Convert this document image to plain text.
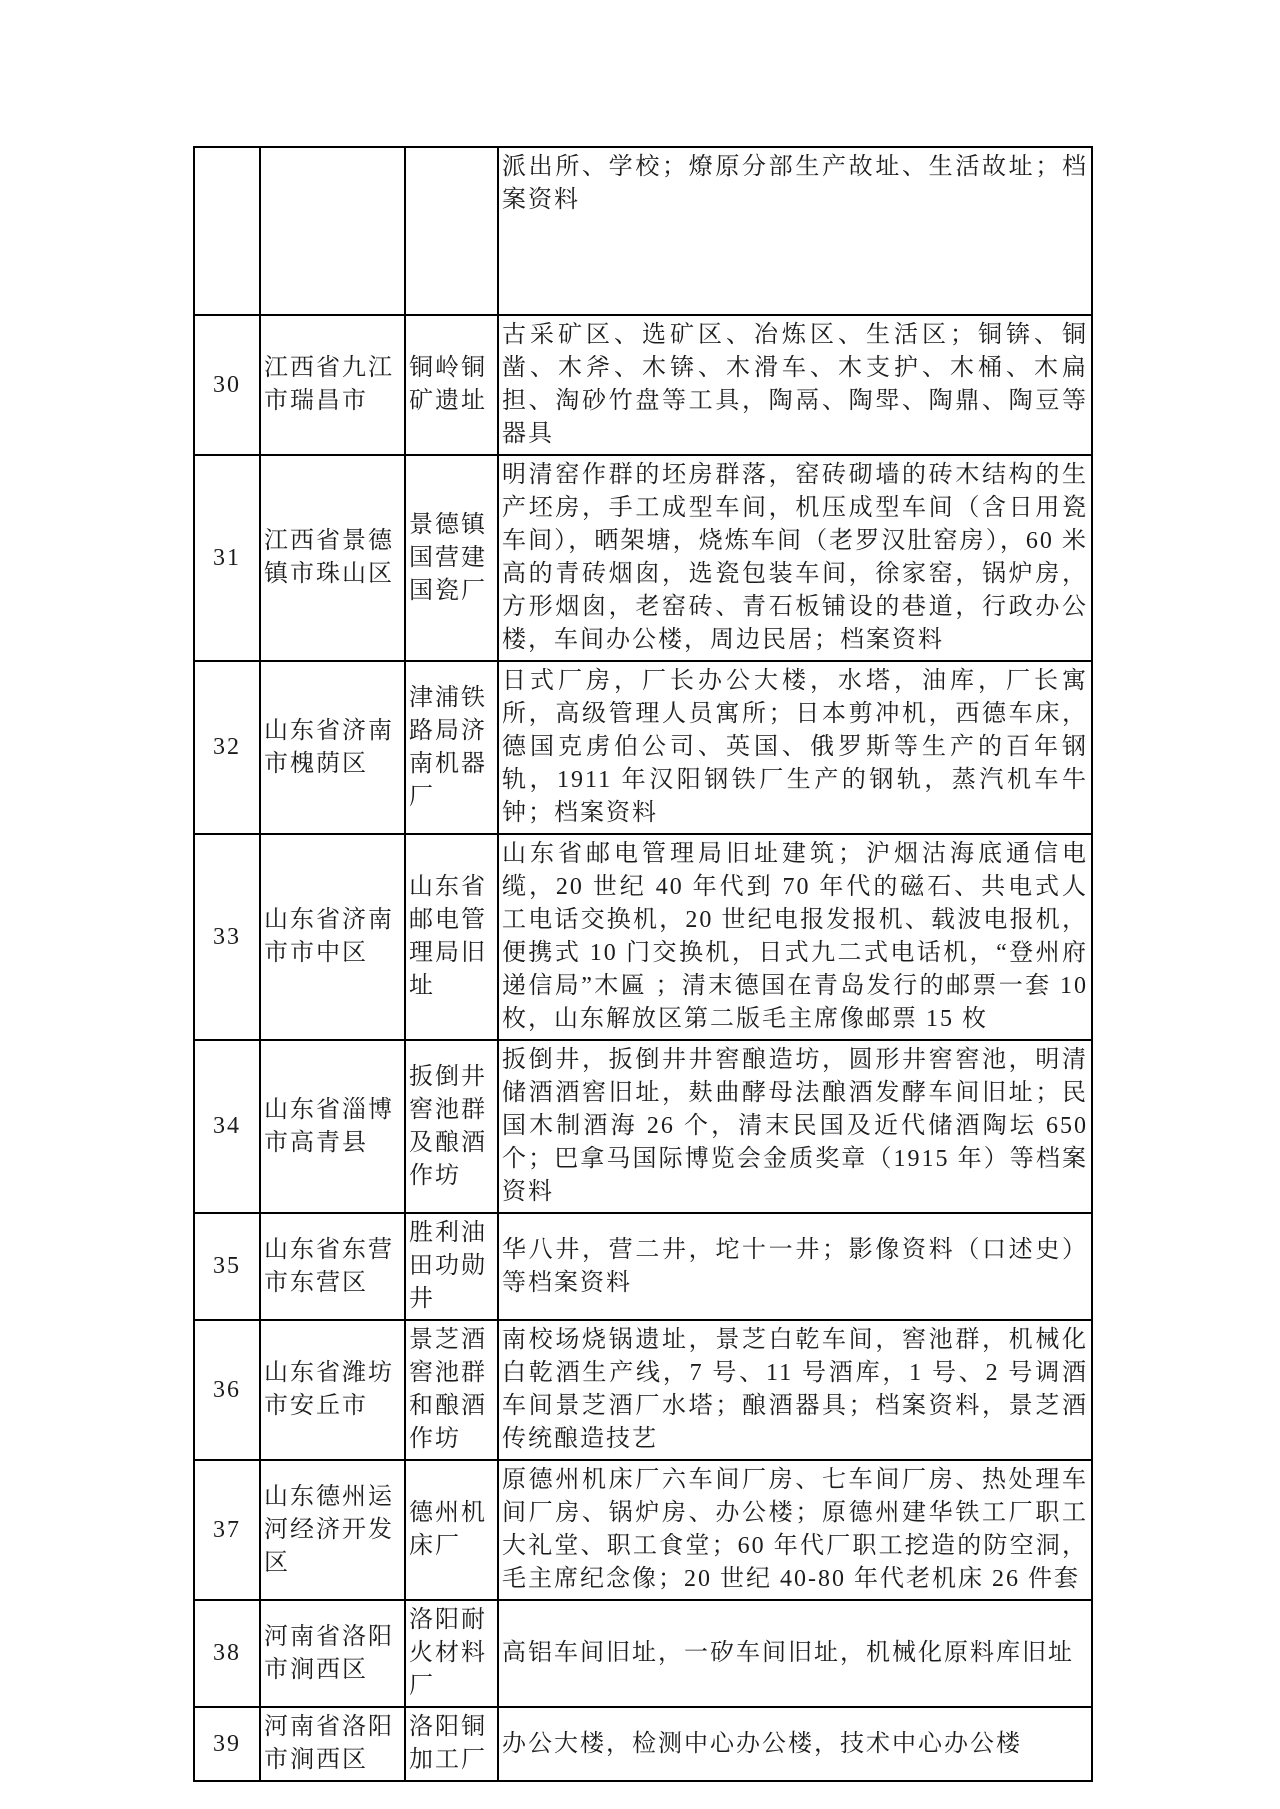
			派出所、学校；燎原分部生产故址、生活故址；档案资料
30	江西省九江市瑞昌市	铜岭铜矿遗址	古采矿区、选矿区、冶炼区、生活区；铜锛、铜凿、木斧、木锛、木滑车、木支护、木桶、木扁担、淘砂竹盘等工具，陶鬲、陶斝、陶鼎、陶豆等器具
31	江西省景德镇市珠山区	景德镇国营建国瓷厂	明清窑作群的坯房群落，窑砖砌墙的砖木结构的生产坯房，手工成型车间，机压成型车间（含日用瓷车间），晒架塘，烧炼车间（老罗汉肚窑房），60 米高的青砖烟囱，选瓷包装车间，徐家窑，锅炉房，方形烟囱，老窑砖、青石板铺设的巷道，行政办公楼，车间办公楼，周边民居；档案资料
32	山东省济南市槐荫区	津浦铁路局济南机器厂	日式厂房，厂长办公大楼，水塔，油库，厂长寓所，高级管理人员寓所；日本剪冲机，西德车床，德国克虏伯公司、英国、俄罗斯等生产的百年钢轨，1911 年汉阳钢铁厂生产的钢轨，蒸汽机车牛钟；档案资料
33	山东省济南市市中区	山东省邮电管理局旧址	山东省邮电管理局旧址建筑；沪烟沽海底通信电缆，20 世纪 40 年代到 70 年代的磁石、共电式人工电话交换机，20 世纪电报发报机、载波电报机，便携式 10 门交换机，日式九二式电话机，“登州府递信局”木匾 ；清末德国在青岛发行的邮票一套 10 枚，山东解放区第二版毛主席像邮票 15 枚
34	山东省淄博市高青县	扳倒井窖池群及酿酒作坊	扳倒井，扳倒井井窖酿造坊，圆形井窖窖池，明清储酒酒窖旧址，麸曲酵母法酿酒发酵车间旧址；民国木制酒海 26 个，清末民国及近代储酒陶坛 650 个；巴拿马国际博览会金质奖章（1915 年）等档案资料
35	山东省东营市东营区	胜利油田功勋井	华八井，营二井，坨十一井；影像资料（口述史）等档案资料
36	山东省潍坊市安丘市	景芝酒窖池群和酿酒作坊	南校场烧锅遗址，景芝白乾车间，窖池群，机械化白乾酒生产线，7 号、11 号酒库，1 号、2 号调酒车间景芝酒厂水塔；酿酒器具；档案资料，景芝酒传统酿造技艺
37	山东德州运河经济开发区	德州机床厂	原德州机床厂六车间厂房、七车间厂房、热处理车间厂房、锅炉房、办公楼；原德州建华铁工厂职工大礼堂、职工食堂；60 年代厂职工挖造的防空洞，毛主席纪念像；20 世纪 40-80 年代老机床 26 件套
38	河南省洛阳市涧西区	洛阳耐火材料厂	高铝车间旧址，一矽车间旧址，机械化原料库旧址
39	河南省洛阳市涧西区	洛阳铜加工厂	办公大楼，检测中心办公楼，技术中心办公楼
